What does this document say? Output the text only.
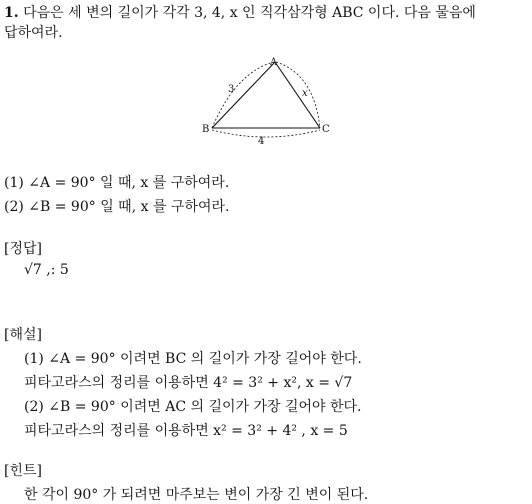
1. 다음은 세 변의 길이가 각각 3, 4, x 인 직각삼각형 ABC 이다. 다음 물음에
답하여라.
A
B	C
3	x
4
(1) ∠A = 90° 일 때, x 를 구하여라.
(2) ∠B = 90° 일 때, x 를 구하여라.
[정답]
√7 ,: 5
[해설]
(1) ∠A = 90° 이려면 BC 의 길이가 가장 길어야 한다.
피타고라스의 정리를 이용하면 4² = 3² + x², x = √7
(2) ∠B = 90° 이려면 AC 의 길이가 가장 길어야 한다.
피타고라스의 정리를 이용하면 x² = 3² + 4² , x = 5
[힌트]
한 각이 90° 가 되려면 마주보는 변이 가장 긴 변이 된다.
